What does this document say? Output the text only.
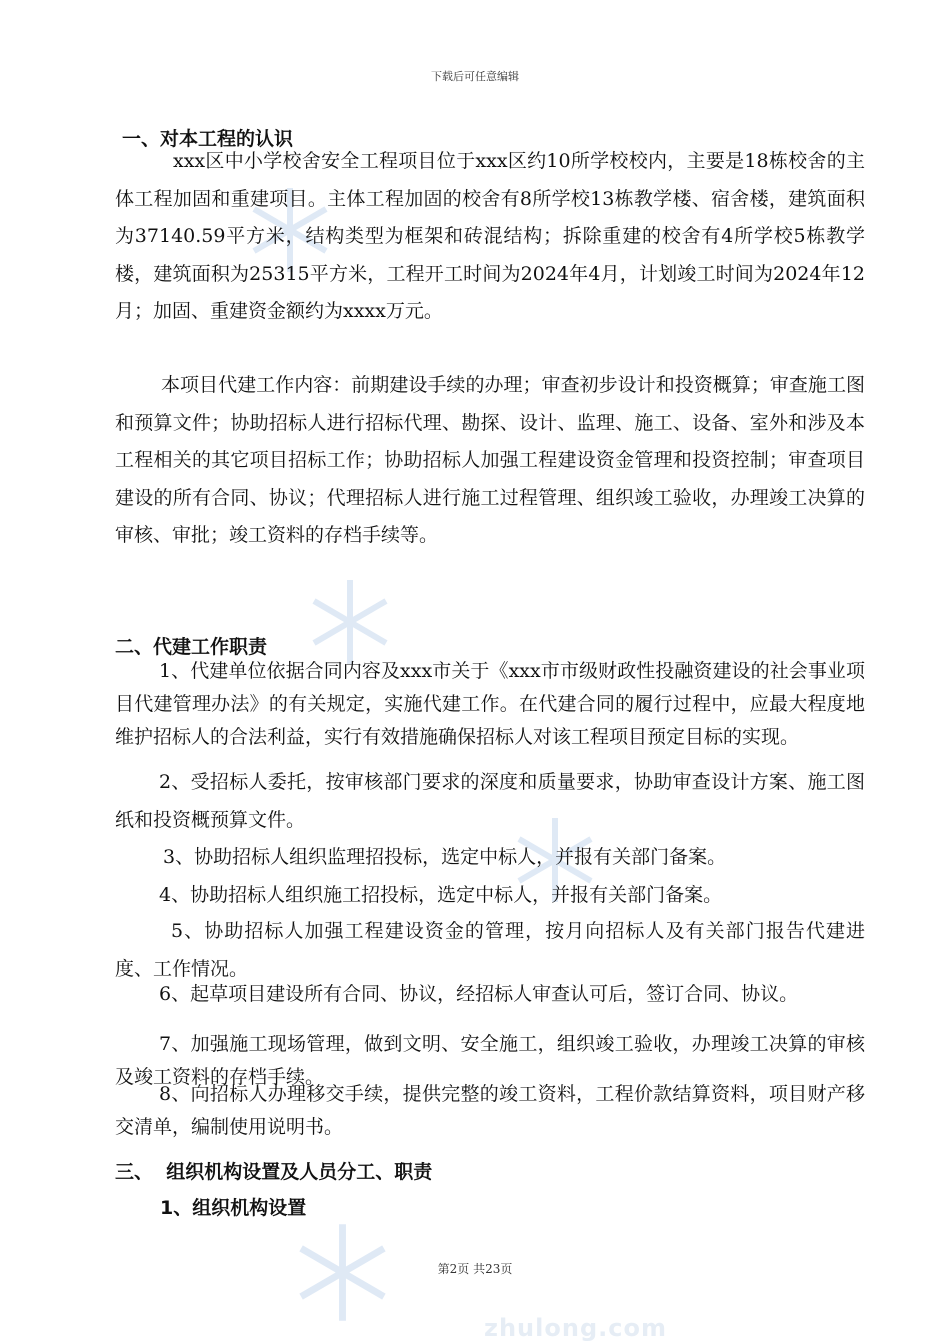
zhulong.com
下载后可任意编辑
一、对本工程的认识
xxx区中小学校舍安全工程项目位于xxx区约10所学校校内，主要是18栋校舍的主体工程加固和重建项目。主体工程加固的校舍有8所学校13栋教学楼、宿舍楼，建筑面积为37140.59平方米，结构类型为框架和砖混结构；拆除重建的校舍有4所学校5栋教学楼，建筑面积为25315平方米，工程开工时间为2024年4月，计划竣工时间为2024年12月；加固、重建资金额约为xxxx万元。
本项目代建工作内容：前期建设手续的办理；审查初步设计和投资概算；审查施工图和预算文件；协助招标人进行招标代理、勘探、设计、监理、施工、设备、室外和涉及本工程相关的其它项目招标工作；协助招标人加强工程建设资金管理和投资控制；审查项目建设的所有合同、协议；代理招标人进行施工过程管理、组织竣工验收，办理竣工决算的审核、审批；竣工资料的存档手续等。
二、代建工作职责
1、代建单位依据合同内容及xxx市关于《xxx市市级财政性投融资建设的社会事业项目代建管理办法》的有关规定，实施代建工作。在代建合同的履行过程中，应最大程度地维护招标人的合法利益，实行有效措施确保招标人对该工程项目预定目标的实现。
2、受招标人委托，按审核部门要求的深度和质量要求，协助审查设计方案、施工图纸和投资概预算文件。
3、协助招标人组织监理招投标，选定中标人，并报有关部门备案。
4、协助招标人组织施工招投标，选定中标人，并报有关部门备案。
5、协助招标人加强工程建设资金的管理，按月向招标人及有关部门报告代建进度、工作情况。
6、起草项目建设所有合同、协议，经招标人审查认可后，签订合同、协议。
7、加强施工现场管理，做到文明、安全施工，组织竣工验收，办理竣工决算的审核及竣工资料的存档手续。
8、向招标人办理移交手续，提供完整的竣工资料，工程价款结算资料，项目财产移交清单，编制使用说明书。
三、  组织机构设置及人员分工、职责
1、组织机构设置
第2页 共23页
